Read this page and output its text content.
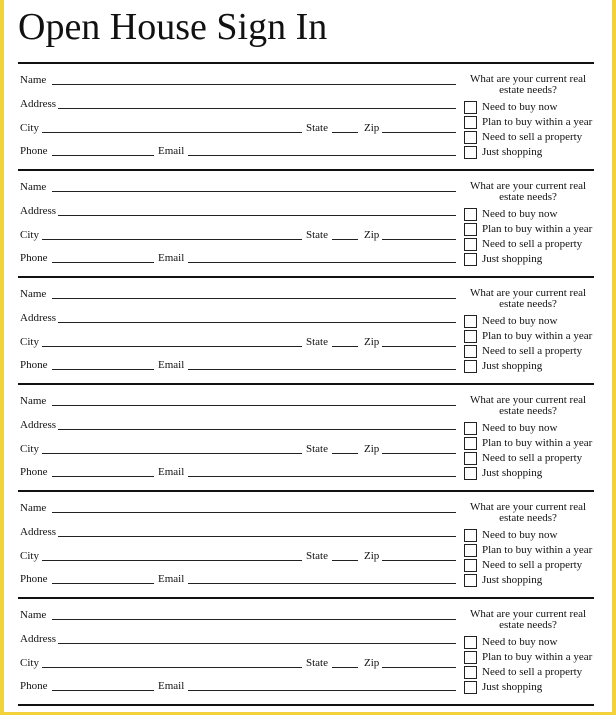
Open House Sign In
Name
Address
City	State	Zip
Phone	Email
What are your current real estate needs?
Need to buy now
Plan to buy within a year
Need to sell a property
Just shopping
Name
Address
City	State	Zip
Phone	Email
What are your current real estate needs?
Need to buy now
Plan to buy within a year
Need to sell a property
Just shopping
Name
Address
City	State	Zip
Phone	Email
What are your current real estate needs?
Need to buy now
Plan to buy within a year
Need to sell a property
Just shopping
Name
Address
City	State	Zip
Phone	Email
What are your current real estate needs?
Need to buy now
Plan to buy within a year
Need to sell a property
Just shopping
Name
Address
City	State	Zip
Phone	Email
What are your current real estate needs?
Need to buy now
Plan to buy within a year
Need to sell a property
Just shopping
Name
Address
City	State	Zip
Phone	Email
What are your current real estate needs?
Need to buy now
Plan to buy within a year
Need to sell a property
Just shopping
